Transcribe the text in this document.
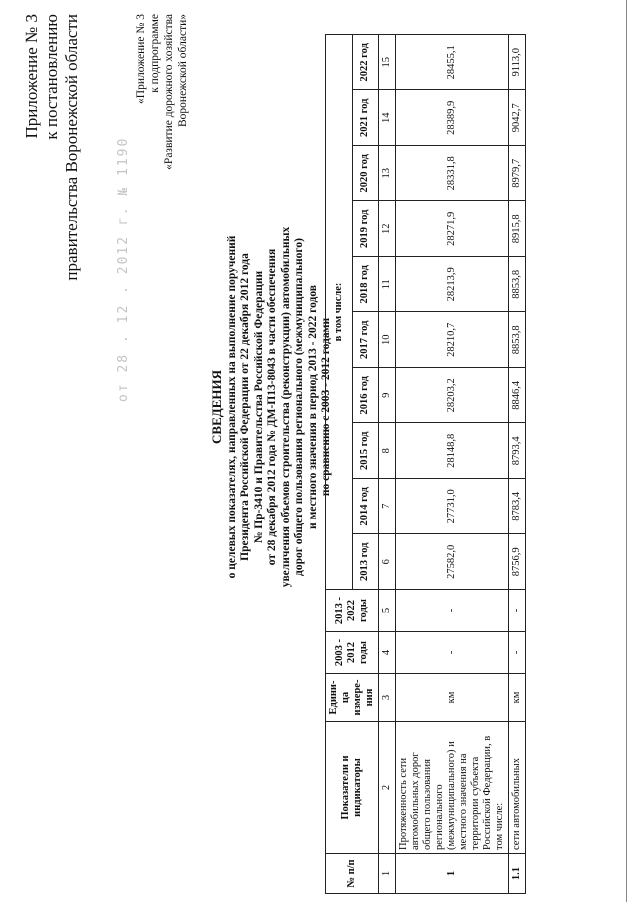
Приложение № 3 к постановлению правительства Воронежской области	от 28 . 12 . 2012 г. № 1190
«Приложение № 3 к подпрограмме «Развитие дорожного хозяйства Воронежской области»
СВЕДЕНИЯ о целевых показателях, направленных на выполнение поручений Президента Российской Федерации от 22 декабря 2012 года № Пр-3410 и Правительства Российской Федерации от 28 декабря 2012 года № ДМ-П13-8043 в части обеспечения увеличения объемов строительства (реконструкции) автомобильных дорог общего пользования регионального (межмуниципального) и местного значения в период 2013 - 2022 годов по сравнению с 2003 - 2012 годами
№ п/п	Показатели и индикаторы	Едини-ца измере-ния	2003 - 2012 годы	2013 - 2022 годы	в том числе:									
					2013 год	2014 год	2015 год	2016 год	2017 год	2018 год	2019 год	2020 год	2021 год	2022 год
1	2	3	4	5	6	7	8	9	10	11	12	13	14	15
1	Протяженность сети автомобильных дорог общего пользования регионального (межмуниципального) и местного значения на территории субъекта Российской Федерации, в том числе:	км	-	-	27582,0	27731,0	28148,8	28203,2	28210,7	28213,9	28271,9	28331,8	28389,9	28455,1
1.1	сети автомобильных	км	-	-	8756,9	8783,4	8793,4	8846,4	8853,8	8853,8	8915,8	8979,7	9042,7	9113,0
